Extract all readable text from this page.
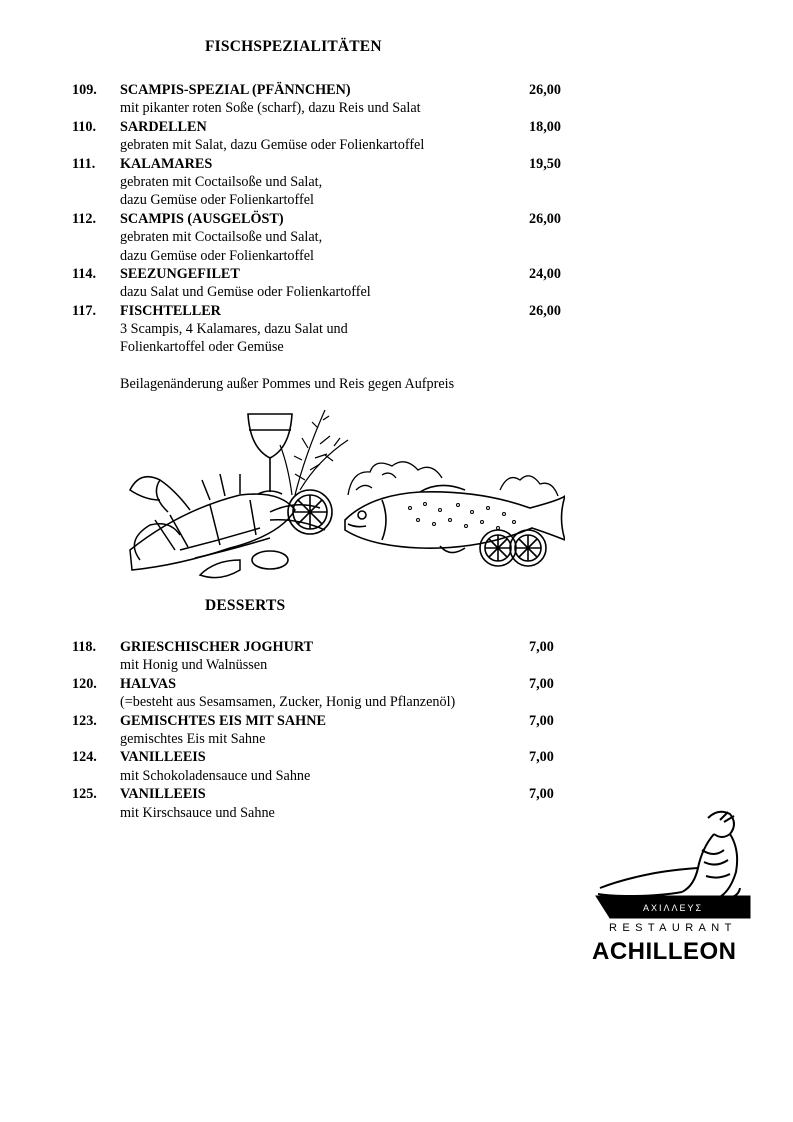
FISCHSPEZIALITÄTEN
109. SCAMPIS-SPEZIAL (PFÄNNCHEN)	26,00
mit pikanter roten Soße (scharf), dazu Reis und Salat
110. SARDELLEN	18,00
gebraten mit Salat, dazu Gemüse oder Folienkartoffel
111. KALAMARES	19,50
gebraten mit Coctailsoße und Salat,
dazu Gemüse oder Folienkartoffel
112. SCAMPIS (AUSGELÖST)	26,00
gebraten mit Coctailsoße und Salat,
dazu Gemüse oder Folienkartoffel
114. SEEZUNGEFILET	24,00
dazu Salat und Gemüse oder Folienkartoffel
117. FISCHTELLER	26,00
3 Scampis, 4 Kalamares, dazu Salat und
Folienkartoffel oder Gemüse
Beilagenänderung außer Pommes und Reis gegen Aufpreis
DESSERTS
118. GRIESCHISCHER JOGHURT	7,00
mit Honig und Walnüssen
120. HALVAS	7,00
(=besteht aus Sesamsamen, Zucker, Honig und Pflanzenöl)
123. GEMISCHTES EIS MIT SAHNE	7,00
gemischtes Eis mit Sahne
124. VANILLEEIS	7,00
mit Schokoladensauce und Sahne
125. VANILLEEIS	7,00
mit Kirschsauce und Sahne
ΑΧΙΛΛΕΥΣ
RESTAURANT
ACHILLEON
